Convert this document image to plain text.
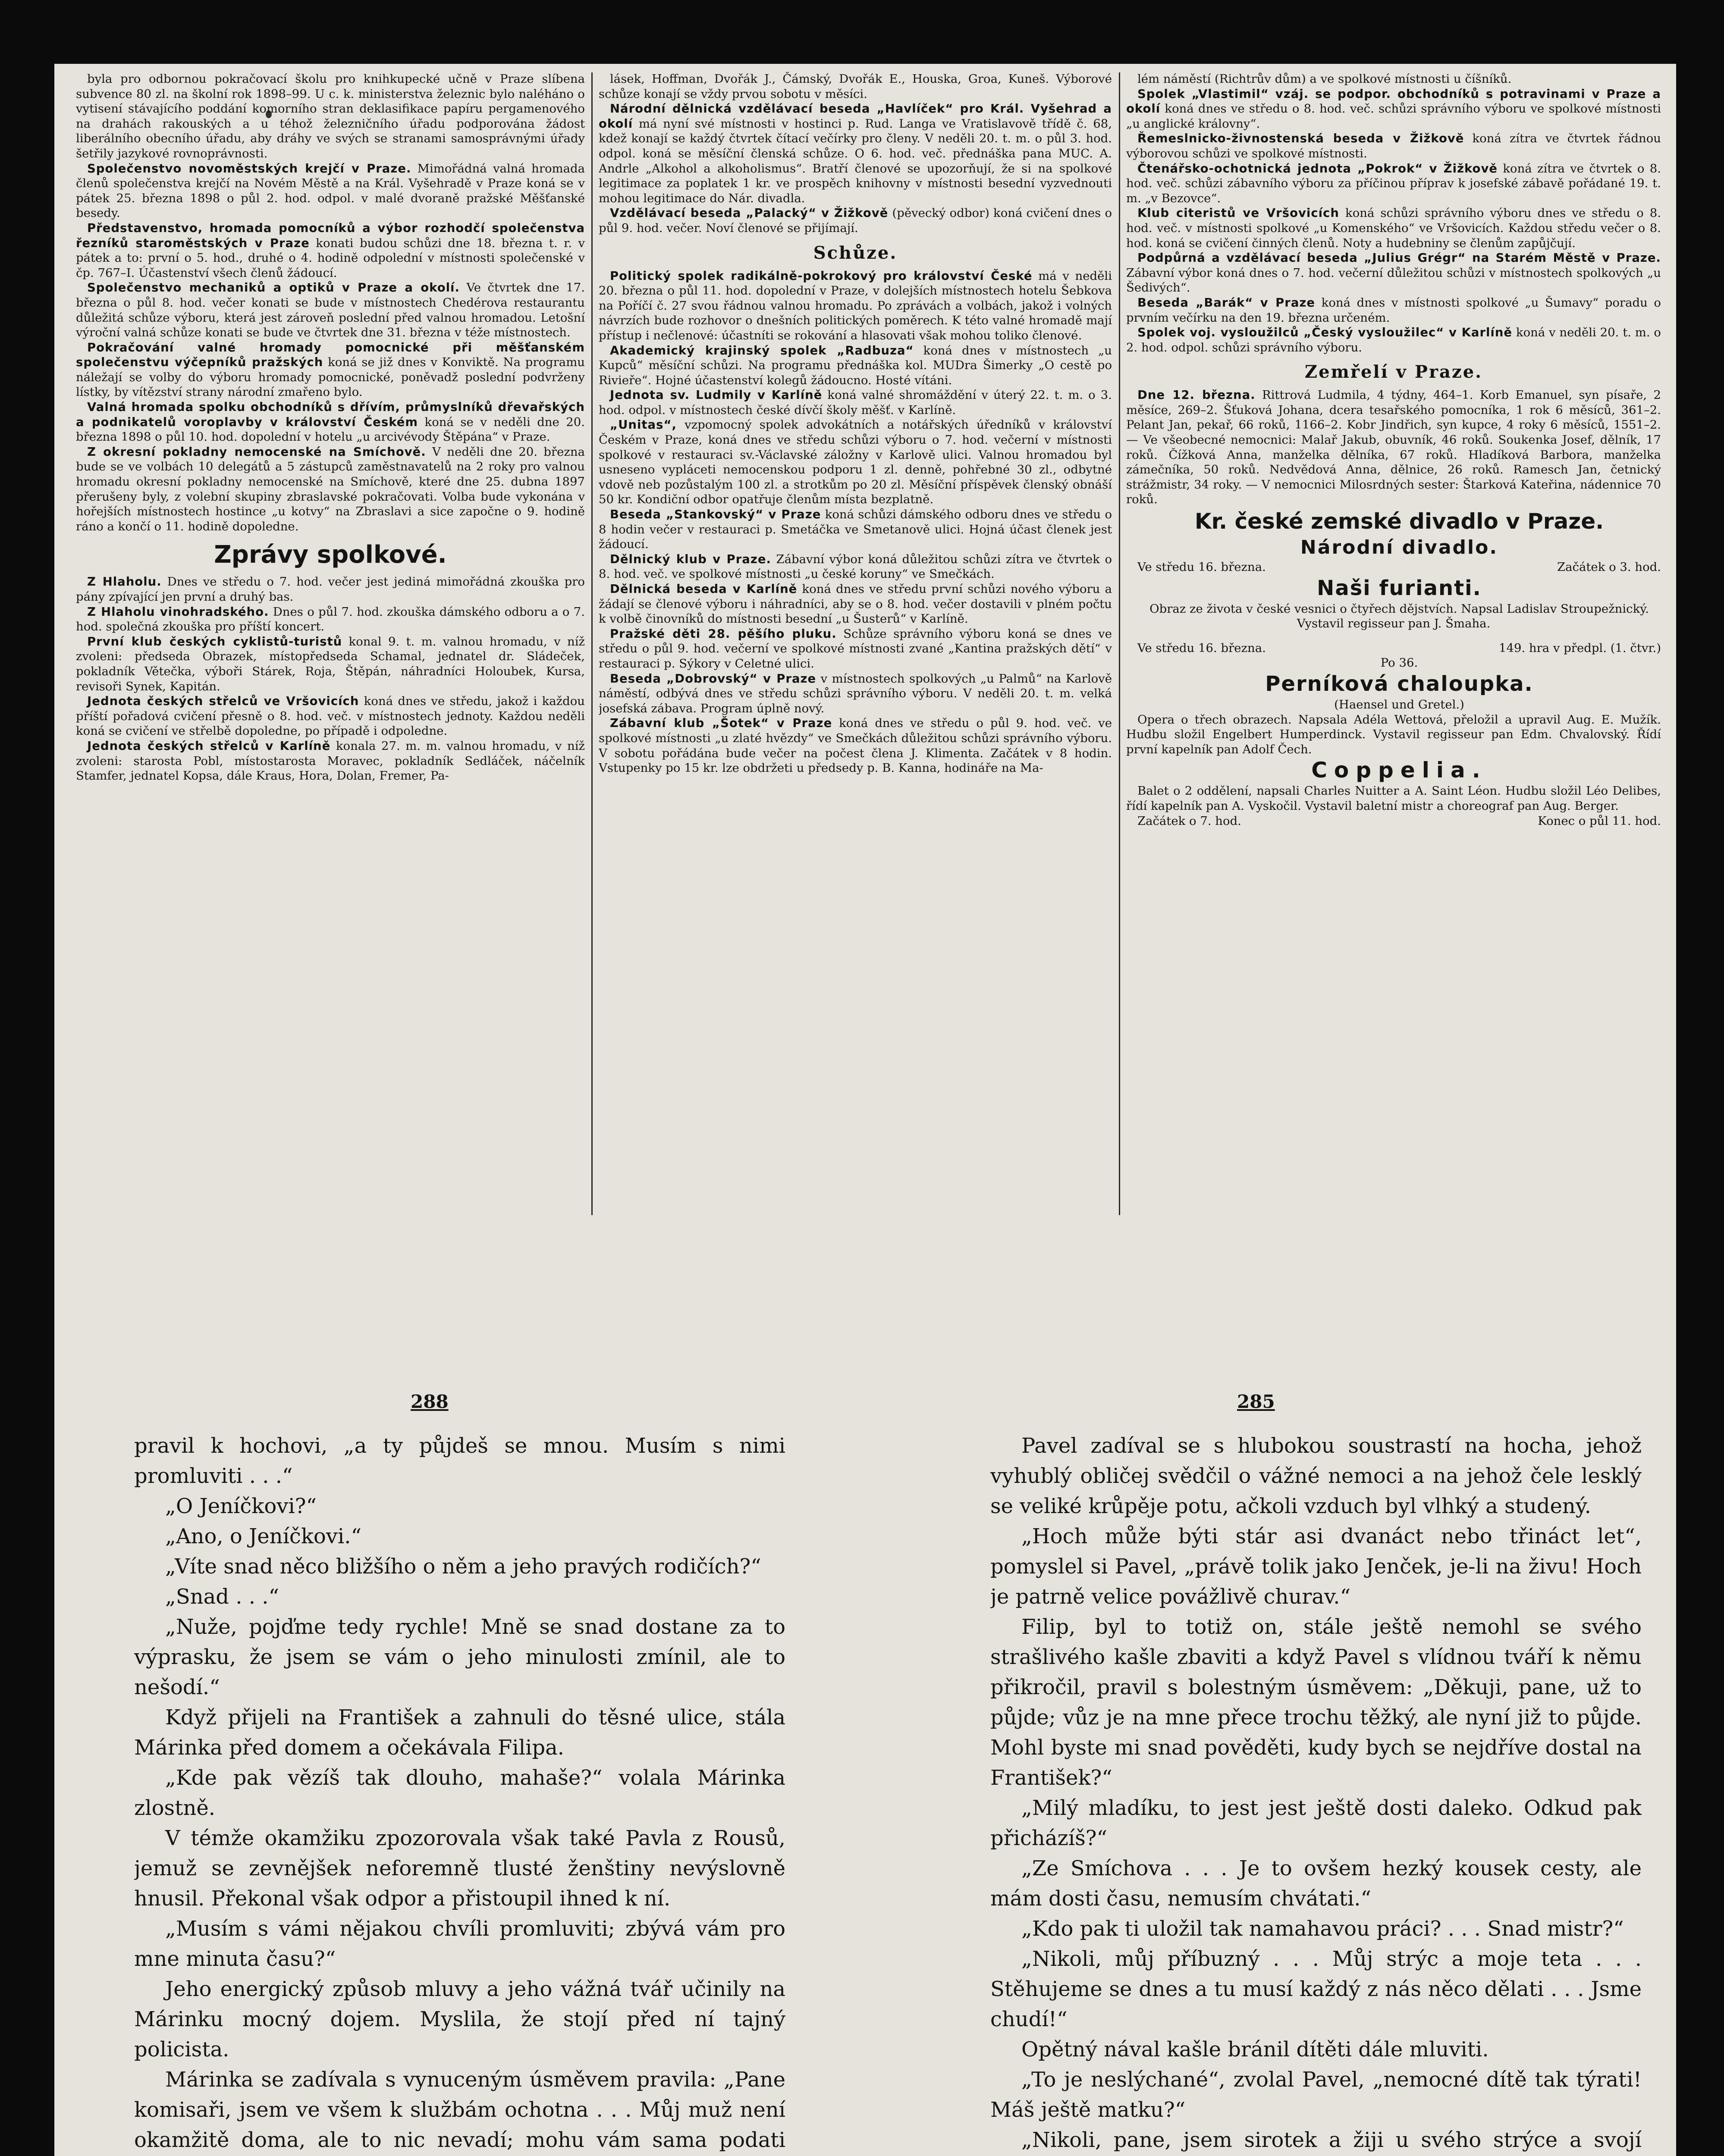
byla pro odbornou pokračovací školu pro knihkupecké učně v Praze slíbena subvence 80 zl. na školní rok 1898–99. U c. k. ministerstva železnic bylo naléháno o vytisení stávajícího poddání komorního stran deklasifikace papíru pergamenového na drahách rakouských a u téhož železničního úřadu podporována žádost liberálního obecního úřadu, aby dráhy ve svých se stranami samosprávnými úřady šetřily jazykové rovnoprávnosti.

Společenstvo novoměstských krejčí v Praze. Mimořádná valná hromada členů společenstva krejčí na Novém Městě a na Král. Vyšehradě v Praze koná se v pátek 25. března 1898 o půl 2. hod. odpol. v malé dvoraně pražské Měšťanské besedy.

Představenstvo, hromada pomocníků a výbor rozhodčí společenstva řezníků staroměstských v Praze konati budou schůzi dne 18. března t. r. v pátek a to: první o 5. hod., druhé o 4. hodině odpolední v místnosti společenské v čp. 767–I. Účastenství všech členů žádoucí.

Společenstvo mechaniků a optiků v Praze a okolí. Ve čtvrtek dne 17. března o půl 8. hod. večer konati se bude v místnostech Chedérova restaurantu důležitá schůze výboru, která jest zároveň poslední před valnou hromadou. Letošní výroční valná schůze konati se bude ve čtvrtek dne 31. března v téže místnostech.

Pokračování valné hromady pomocnické při měšťanském společenstvu výčepníků pražských koná se již dnes v Konviktě. Na programu náležají se volby do výboru hromady pomocnické, poněvadž poslední podvrženy lístky, by vítězství strany národní zmařeno bylo.

Valná hromada spolku obchodníků s dřívím, průmyslníků dřevařských a podnikatelů voroplavby v království Českém koná se v neděli dne 20. března 1898 o půl 10. hod. dopolední v hotelu „u arcivévody Štěpána“ v Praze.

Z okresní pokladny nemocenské na Smíchově. V neděli dne 20. března bude se ve volbách 10 delegátů a 5 zástupců zaměstnavatelů na 2 roky pro valnou hromadu okresní pokladny nemocenské na Smíchově, které dne 25. dubna 1897 přerušeny byly, z volební skupiny zbraslavské pokračovati. Volba bude vykonána v hořejších místnostech hostince „u kotvy“ na Zbraslavi a sice započne o 9. hodině ráno a končí o 11. hodině dopoledne.

Zprávy spolkové.

Z Hlaholu. Dnes ve středu o 7. hod. večer jest jediná mimořádná zkouška pro pány zpívající jen první a druhý bas.

Z Hlaholu vinohradského. Dnes o půl 7. hod. zkouška dámského odboru a o 7. hod. společná zkouška pro příští koncert.

První klub českých cyklistů-turistů konal 9. t. m. valnou hromadu, v níž zvoleni: předseda Obrazek, místopředseda Schamal, jednatel dr. Sládeček, pokladník Větečka, výboři Stárek, Roja, Štěpán, náhradníci Holoubek, Kursa, revisoři Synek, Kapitán.

Jednota českých střelců ve Vršovicích koná dnes ve středu, jakož i každou příští pořadová cvičení přesně o 8. hod. več. v místnostech jednoty. Každou neděli koná se cvičení ve střelbě dopoledne, po případě i odpoledne.

Jednota českých střelců v Karlíně konala 27. m. m. valnou hromadu, v níž zvoleni: starosta Pobl, místostarosta Moravec, pokladník Sedláček, náčelník Stamfer, jednatel Kopsa, dále Kraus, Hora, Dolan, Fremer, Pa-

lásek, Hoffman, Dvořák J., Čámský, Dvořák E., Houska, Groa, Kuneš. Výborové schůze konají se vždy prvou sobotu v měsíci.

Národní dělnická vzdělávací beseda „Havlíček“ pro Král. Vyšehrad a okolí má nyní své místnosti v hostinci p. Rud. Langa ve Vratislavově třídě č. 68, kdež konají se každý čtvrtek čítací večírky pro členy. V neděli 20. t. m. o půl 3. hod. odpol. koná se měsíční členská schůze. O 6. hod. več. přednáška pana MUC. A. Andrle „Alkohol a alkoholismus“. Bratří členové se upozorňují, že si na spolkové legitimace za poplatek 1 kr. ve prospěch knihovny v místnosti besední vyzvednouti mohou legitimace do Nár. divadla.

Vzdělávací beseda „Palacký“ v Žižkově (pěvecký odbor) koná cvičení dnes o půl 9. hod. večer. Noví členové se přijímají.

Schůze.

Politický spolek radikálně-pokrokový pro království České má v neděli 20. března o půl 11. hod. dopolední v Praze, v dolejších místnostech hotelu Šebkova na Poříčí č. 27 svou řádnou valnou hromadu. Po zprávách a volbách, jakož i volných návrzích bude rozhovor o dnešních politických poměrech. K této valné hromadě mají přístup i nečlenové: účastníti se rokování a hlasovati však mohou toliko členové.

Akademický krajinský spolek „Radbuza“ koná dnes v místnostech „u Kupců“ měsíční schůzi. Na programu přednáška kol. MUDra Šimerky „O cestě po Rivieře“. Hojné účastenství kolegů žádoucno. Hosté vítáni.

Jednota sv. Ludmily v Karlíně koná valné shromáždění v úterý 22. t. m. o 3. hod. odpol. v místnostech české dívčí školy měšť. v Karlíně.

„Unitas“, vzpomocný spolek advokátních a notářských úředníků v království Českém v Praze, koná dnes ve středu schůzi výboru o 7. hod. večerní v místnosti spolkové v restauraci sv.-Václavské záložny v Karlově ulici. Valnou hromadou byl usneseno vypláceti nemocenskou podporu 1 zl. denně, pohřebné 30 zl., odbytné vdově neb pozůstalým 100 zl. a strotkům po 20 zl. Měsíční příspěvek členský obnáší 50 kr. Kondiční odbor opatřuje členům místa bezplatně.

Beseda „Stankovský“ v Praze koná schůzi dámského odboru dnes ve středu o 8 hodin večer v restauraci p. Smetáčka ve Smetanově ulici. Hojná účast členek jest žádoucí.

Dělnický klub v Praze. Zábavní výbor koná důležitou schůzi zítra ve čtvrtek o 8. hod. več. ve spolkové místnosti „u české koruny“ ve Smečkách.

Dělnická beseda v Karlíně koná dnes ve středu první schůzi nového výboru a žádají se členové výboru i náhradníci, aby se o 8. hod. večer dostavili v plném počtu k volbě činovníků do místnosti besední „u Šusterů“ v Karlíně.

Pražské děti 28. pěšího pluku. Schůze správního výboru koná se dnes ve středu o půl 9. hod. večerní ve spolkové místnosti zvané „Kantina pražských dětí“ v restauraci p. Sýkory v Celetné ulici.

Beseda „Dobrovský“ v Praze v místnostech spolkových „u Palmů“ na Karlově náměstí, odbývá dnes ve středu schůzi správního výboru. V neděli 20. t. m. velká josefská zábava. Program úplně nový.

Zábavní klub „Šotek“ v Praze koná dnes ve středu o půl 9. hod. več. ve spolkové místnosti „u zlaté hvězdy“ ve Smečkách důležitou schůzi správního výboru. V sobotu pořádána bude večer na počest člena J. Klimenta. Začátek v 8 hodin. Vstupenky po 15 kr. lze obdržeti u předsedy p. B. Kanna, hodináře na Ma-

lém náměstí (Richtrův dům) a ve spolkové místnosti u číšníků.

Spolek „Vlastimil“ vzáj. se podpor. obchodníků s potravinami v Praze a okolí koná dnes ve středu o 8. hod. več. schůzi správního výboru ve spolkové místnosti „u anglické královny“.

Řemeslnicko-živnostenská beseda v Žižkově koná zítra ve čtvrtek řádnou výborovou schůzi ve spolkové místnosti.

Čtenářsko-ochotnická jednota „Pokrok“ v Žižkově koná zítra ve čtvrtek o 8. hod. več. schůzi zábavního výboru za příčinou příprav k josefské zábavě pořádané 19. t. m. „v Bezovce“.

Klub citeristů ve Vršovicích koná schůzi správního výboru dnes ve středu o 8. hod. več. v místnosti spolkové „u Komenského“ ve Vršovicích. Každou středu večer o 8. hod. koná se cvičení činných členů. Noty a hudebniny se členům zapůjčují.

Podpůrná a vzdělávací beseda „Julius Grégr“ na Starém Městě v Praze. Zábavní výbor koná dnes o 7. hod. večerní důležitou schůzi v místnostech spolkových „u Šedivých“.

Beseda „Barák“ v Praze koná dnes v místnosti spolkové „u Šumavy“ poradu o prvním večírku na den 19. března určeném.

Spolek voj. vysloužilců „Český vysloužilec“ v Karlíně koná v neděli 20. t. m. o 2. hod. odpol. schůzi správního výboru.

Zemřelí v Praze.

Dne 12. března. Rittrová Ludmila, 4 týdny, 464–1. Korb Emanuel, syn písaře, 2 měsíce, 269–2. Šťuková Johana, dcera tesařského pomocníka, 1 rok 6 měsíců, 361–2. Pelant Jan, pekař, 66 roků, 1166–2. Kobr Jindřich, syn kupce, 4 roky 6 měsíců, 1551–2. — Ve všeobecné nemocnici: Malař Jakub, obuvník, 46 roků. Soukenka Josef, dělník, 17 roků. Čížková Anna, manželka dělníka, 67 roků. Hladíková Barbora, manželka zámečníka, 50 roků. Nedvědová Anna, dělnice, 26 roků. Ramesch Jan, četnický strážmistr, 34 roky. — V nemocnici Milosrdných sester: Štarková Kateřina, nádennice 70 roků.

Kr. české zemské divadlo v Praze.

Národní divadlo.

Ve středu 16. března.	Začátek o 3. hod.

Naši furianti.

Obraz ze života v české vesnici o čtyřech dějstvích. Napsal Ladislav Stroupežnický. Vystavil regisseur pan J. Šmaha.

Ve středu 16. března.	149. hra v předpl. (1. čtvr.)

Po 36.

Perníková chaloupka.

(Haensel und Gretel.)

Opera o třech obrazech. Napsala Adéla Wettová, přeložil a upravil Aug. E. Mužík. Hudbu složil Engelbert Humperdinck. Vystavil regisseur pan Edm. Chvalovský. Řídí první kapelník pan Adolf Čech.

Coppelia.

Balet o 2 oddělení, napsali Charles Nuitter a A. Saint Léon. Hudbu složil Léo Delibes, řídí kapelník pan A. Vyskočil. Vystavil baletní mistr a choreograf pan Aug. Berger.

Začátek o 7. hod.	Konec o půl 11. hod.

288	285

pravil k hochovi, „a ty půjdeš se mnou. Musím s nimi promluviti . . .“

„O Jeníčkovi?“

„Ano, o Jeníčkovi.“

„Víte snad něco bližšího o něm a jeho pravých rodičích?“

„Snad . . .“

„Nuže, pojďme tedy rychle! Mně se snad dostane za to výprasku, že jsem se vám o jeho minulosti zmínil, ale to nešodí.“

Když přijeli na František a zahnuli do těsné ulice, stála Márinka před domem a očekávala Filipa.

„Kde pak vězíš tak dlouho, mahaše?“ volala Márinka zlostně.

V témže okamžiku zpozorovala však také Pavla z Rousů, jemuž se zevnějšek neforemně tlusté ženštiny nevýslovně hnusil. Překonal však odpor a přistoupil ihned k ní.

„Musím s vámi nějakou chvíli promluviti; zbývá vám pro mne minuta času?“

Jeho energický způsob mluvy a jeho vážná tvář učinily na Márinku mocný dojem. Myslila, že stojí před ní tajný policista.

Márinka se zadívala s vynuceným úsměvem pravila: „Pane komisaři, jsem ve všem k službám ochotna . . . Můj muž není okamžitě doma, ale to nic nevadí; mohu vám sama podati

Pavel zadíval se s hlubokou soustrastí na hocha, jehož vyhublý obličej svědčil o vážné nemoci a na jehož čele lesklý se veliké krůpěje potu, ačkoli vzduch byl vlhký a studený.

„Hoch může býti stár asi dvanáct nebo třináct let“, pomyslel si Pavel, „právě tolik jako Jenček, je-li na živu! Hoch je patrně velice povážlivě churav.“

Filip, byl to totiž on, stále ještě nemohl se svého strašlivého kašle zbaviti a když Pavel s vlídnou tváří k němu přikročil, pravil s bolestným úsměvem: „Děkuji, pane, už to půjde; vůz je na mne přece trochu těžký, ale nyní již to půjde. Mohl byste mi snad pověděti, kudy bych se nejdříve dostal na František?“

„Milý mladíku, to jest jest ještě dosti daleko. Odkud pak přicházíš?“

„Ze Smíchova . . . Je to ovšem hezký kousek cesty, ale mám dosti času, nemusím chvátati.“

„Kdo pak ti uložil tak namahavou práci? . . . Snad mistr?“

„Nikoli, můj příbuzný . . . Můj strýc a moje teta . . . Stěhujeme se dnes a tu musí každý z nás něco dělati . . . Jsme chudí!“

Opětný nával kašle bránil dítěti dále mluviti.

„To je neslýchané“, zvolal Pavel, „nemocné dítě tak týrati! Máš ještě matku?“

„Nikoli, pane, jsem sirotek a žiji u svého strýce a svojí
